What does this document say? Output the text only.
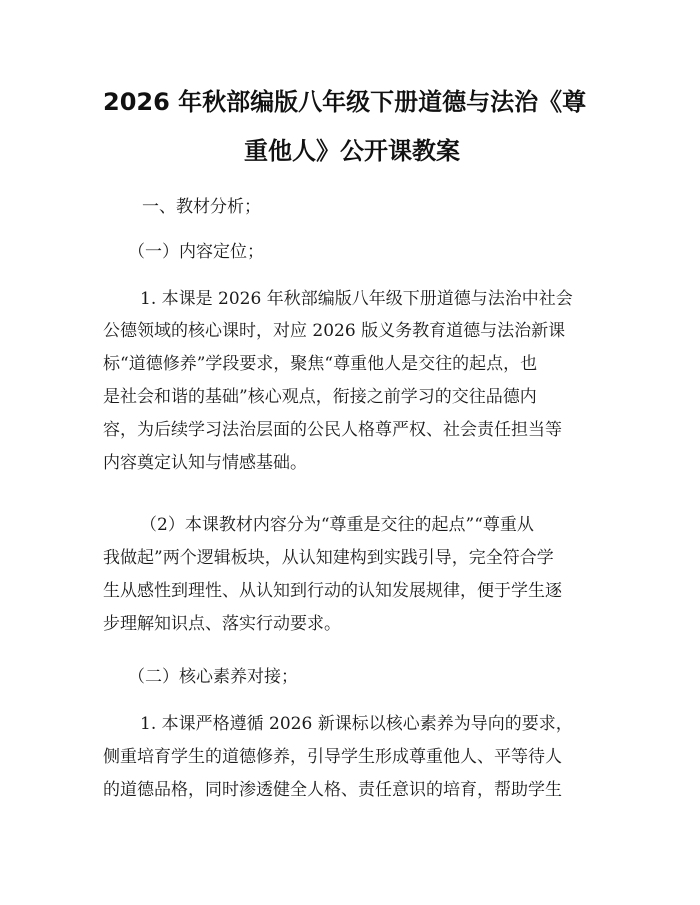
2026 年秋部编版八年级下册道德与法治《尊
重他人》公开课教案
一、教材分析；
（一）内容定位；
1. 本课是 2026 年秋部编版八年级下册道德与法治中社会
公德领域的核心课时，对应 2026 版义务教育道德与法治新课
标“道德修养”学段要求，聚焦“尊重他人是交往的起点，也
是社会和谐的基础”核心观点，衔接之前学习的交往品德内
容，为后续学习法治层面的公民人格尊严权、社会责任担当等
内容奠定认知与情感基础。
（2）本课教材内容分为“尊重是交往的起点”“尊重从
我做起”两个逻辑板块，从认知建构到实践引导，完全符合学
生从感性到理性、从认知到行动的认知发展规律，便于学生逐
步理解知识点、落实行动要求。
（二）核心素养对接；
1. 本课严格遵循 2026 新课标以核心素养为导向的要求，
侧重培育学生的道德修养，引导学生形成尊重他人、平等待人
的道德品格，同时渗透健全人格、责任意识的培育，帮助学生
